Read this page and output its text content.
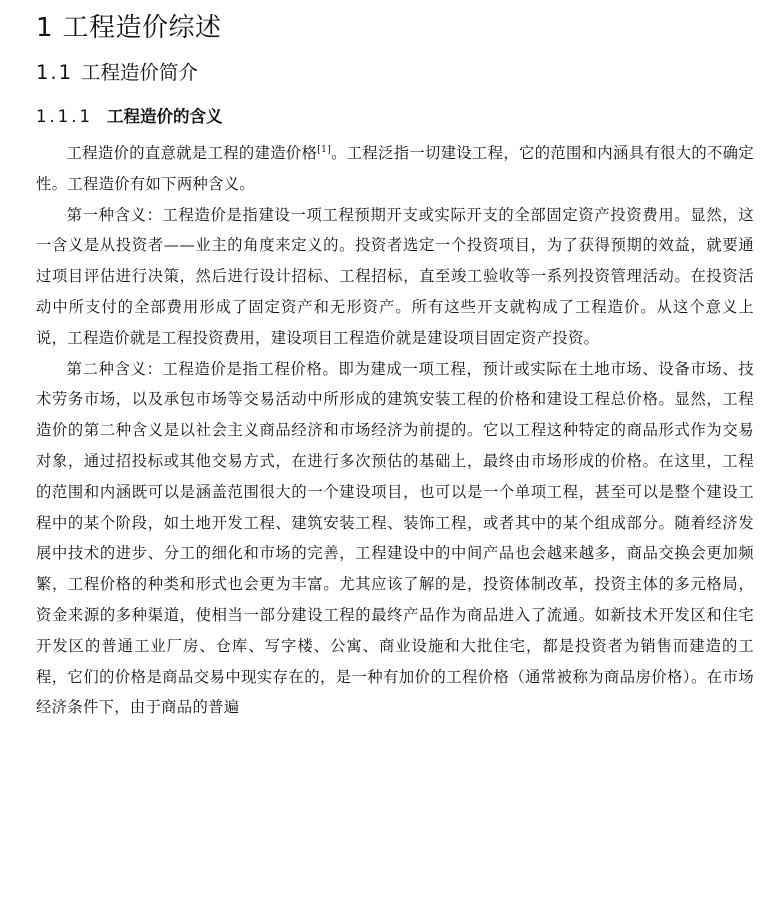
1 工程造价综述
1.1 工程造价简介
1.1.1 工程造价的含义

工程造价的直意就是工程的建造价格[1]。工程泛指一切建设工程，它的范围和内涵具有很大的不确定性。工程造价有如下两种含义。

第一种含义：工程造价是指建设一项工程预期开支或实际开支的全部固定资产投资费用。显然，这一含义是从投资者——业主的角度来定义的。投资者选定一个投资项目，为了获得预期的效益，就要通过项目评估进行决策，然后进行设计招标、工程招标，直至竣工验收等一系列投资管理活动。在投资活动中所支付的全部费用形成了固定资产和无形资产。所有这些开支就构成了工程造价。从这个意义上说，工程造价就是工程投资费用，建设项目工程造价就是建设项目固定资产投资。

第二种含义：工程造价是指工程价格。即为建成一项工程，预计或实际在土地市场、设备市场、技术劳务市场，以及承包市场等交易活动中所形成的建筑安装工程的价格和建设工程总价格。显然，工程造价的第二种含义是以社会主义商品经济和市场经济为前提的。它以工程这种特定的商品形式作为交易对象，通过招投标或其他交易方式，在进行多次预估的基础上，最终由市场形成的价格。在这里，工程的范围和内涵既可以是涵盖范围很大的一个建设项目，也可以是一个单项工程，甚至可以是整个建设工程中的某个阶段，如土地开发工程、建筑安装工程、装饰工程，或者其中的某个组成部分。随着经济发展中技术的进步、分工的细化和市场的完善，工程建设中的中间产品也会越来越多，商品交换会更加频繁，工程价格的种类和形式也会更为丰富。尤其应该了解的是，投资体制改革，投资主体的多元格局，资金来源的多种渠道，使相当一部分建设工程的最终产品作为商品进入了流通。如新技术开发区和住宅开发区的普通工业厂房、仓库、写字楼、公寓、商业设施和大批住宅，都是投资者为销售而建造的工程，它们的价格是商品交易中现实存在的，是一种有加价的工程价格（通常被称为商品房价格）。在市场经济条件下，由于商品的普遍
